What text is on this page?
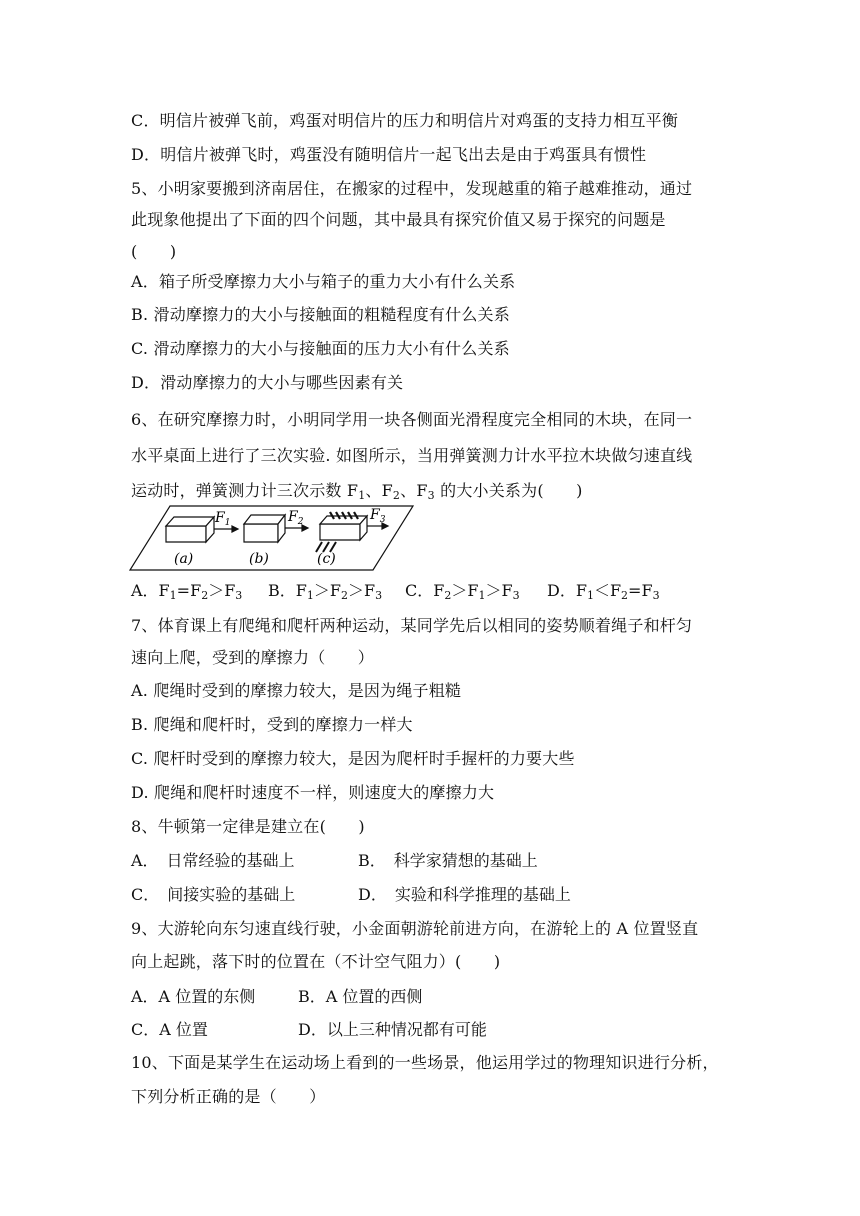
C．明信片被弹飞前，鸡蛋对明信片的压力和明信片对鸡蛋的支持力相互平衡
D．明信片被弹飞时，鸡蛋没有随明信片一起飞出去是由于鸡蛋具有惯性
5、小明家要搬到济南居住，在搬家的过程中，发现越重的箱子越难推动，通过
此现象他提出了下面的四个问题，其中最具有探究价值又易于探究的问题是
(　　)
A．箱子所受摩擦力大小与箱子的重力大小有什么关系
B. 滑动摩擦力的大小与接触面的粗糙程度有什么关系
C. 滑动摩擦力的大小与接触面的压力大小有什么关系
D．滑动摩擦力的大小与哪些因素有关
6、在研究摩擦力时，小明同学用一块各侧面光滑程度完全相同的木块，在同一
水平桌面上进行了三次实验. 如图所示，当用弹簧测力计水平拉木块做匀速直线
运动时，弹簧测力计三次示数 $F_1$、$F_2$、$F_3$ 的大小关系为(　　)
$F_1$	$F_2$	$F_3$
(a)	(b)	(c)
A．$F_1=F_2>F_3$ B．$F_1>F_2>F_3$ C．$F_2>F_1>F_3$ D．$F_1<F_2=F_3$
7、体育课上有爬绳和爬杆两种运动，某同学先后以相同的姿势顺着绳子和杆匀
速向上爬，受到的摩擦力（　　）
A. 爬绳时受到的摩擦力较大，是因为绳子粗糙
B. 爬绳和爬杆时，受到的摩擦力一样大
C. 爬杆时受到的摩擦力较大，是因为爬杆时手握杆的力要大些
D. 爬绳和爬杆时速度不一样，则速度大的摩擦力大
8、牛顿第一定律是建立在(　　)
A．　日常经验的基础上	B．　科学家猜想的基础上
C．　间接实验的基础上	D．　实验和科学推理的基础上
9、大游轮向东匀速直线行驶，小金面朝游轮前进方向，在游轮上的 A 位置竖直
向上起跳，落下时的位置在（不计空气阻力）(　　)
A．A 位置的东侧	B．A 位置的西侧
C．A 位置	D．以上三种情况都有可能
10、下面是某学生在运动场上看到的一些场景，他运用学过的物理知识进行分析，
下列分析正确的是（　　）
